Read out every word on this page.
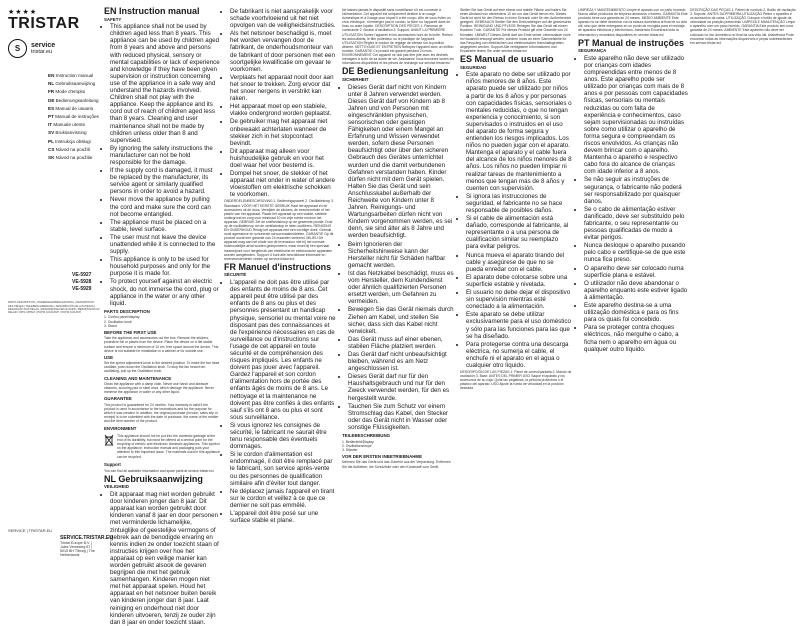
★★★★
TRISTAR
S	service
tristar.eu
EN Instruction manual
NL Gebruiksaanwijzing
FR Mode d'emploi
DE Bedienungsanleitung
ES Manual de usuario
PT Manual de instruções
IT Manuale utente
SV Bruksanvisning
PL Instrukcja obsługi
CS Návod na použití
SK Návod na použitie
VE-5927
VE-5928
VE-5929
PARTS DESCRIPTION | ONDERDELENBESCHRIJVING | DESCRIPTION DES PIÈCES | TEILEBESCHREIBUNG | DESCRIPCIÓN DE LAS PIEZAS | DESCRIÇÃO DAS PEÇAS | DESCRIZIONE DELLE PARTI | BESKRIVNING AV DELAR | OPIS CZĘŚCI | POPIS SOUČÁSTÍ | POPIS SÚČASTÍ
SERVICE | TRISTAR.EU
SERVICE.TRISTAR.EU
Tristar Europe B.V. | Jules Verneweg 87 | 5015 BH Tilburg | The Netherlands
EN Instruction manual
SAFETY
• This appliance shall not be used by children aged less than 8 years. This appliance can be used by children aged from 8 years and above and persons with reduced physical, sensory or mental capabilities or lack of experience and knowledge if they have been given supervision or instruction concerning use of the appliance in a safe way and understand the hazards involved. Children shall not play with the appliance. Keep the appliance and its cord out of reach of children aged less than 8 years. Cleaning and user maintenance shall not be made by children unless older than 8 and supervised.
• By ignoring the safety instructions the manufacturer can not be hold responsible for the damage.
• If the supply cord is damaged, it must be replaced by the manufacturer, its service agent or similarly qualified persons in order to avoid a hazard.
• Never move the appliance by pulling the cord and make sure the cord can not become entangled.
• The appliance must be placed on a stable, level surface.
• The user must not leave the device unattended while it is connected to the supply.
• This appliance is only to be used for household purposes and only for the purpose it is made for.
• To protect yourself against an electric shock, do not immerse the cord, plug or appliance in the water or any other liquid.
PARTS DESCRIPTION
1. Control panel/display
2. Oscillation knob
3. Stand
BEFORE THE FIRST USE

Take the appliance and accessories out the box. Remove the stickers, protective foil or plastic from the device. Place the device on a flat stable surface and ensure a minimum of 10 cm. free space around the device. This device is not suitable for installation in a cabinet or for outside use.

USE

Set the speed adjustment knob to the desired position. To make the fan head oscillate, push down the Oscillation knob. To stop the fan head from oscillating, pull up the Oscillation knob.

CLEANING AND MAINTENANCE

Clean the appliance with a damp cloth. Never use harsh and abrasive cleaners, scouring pad or steel wool, which damage the appliance. Never immerse the appliance in water or any other liquid.

GUARANTEE

This product is guaranteed for 24 months. Your warranty is valid if the product is used in accordance to the instructions and for the purpose for which it was created. In addition, the original purchase (invoice, sales slip or receipt) is to be submitted with the date of purchase, the name of the retailer and the item number of the product.

ENVIRONMENT

This appliance should not be put into the domestic garbage at the end of its durability, but must be offered at a central point for the recycling of electric and electronic domestic appliances. This symbol on the appliance, instruction manual and packaging puts your attention to this important issue. The materials used in this appliance can be recycled.

Support

You can find all available information and spare parts at service.tristar.eu!

NL Gebruiksaanwijzing
VEILIGHEID
• Dit apparaat mag niet worden gebruikt door kinderen jonger dan 8 jaar. Dit apparaat kan worden gebruikt door kinderen vanaf 8 jaar en door personen met verminderde lichamelijke, zintuiglijke of geestelijke vermogens of gebrek aan de benodigde ervaring en kennis indien ze onder toezicht staan of instructies krijgen over hoe het apparaat op een veilige manier kan worden gebruikt alsook de gevaren begrijpen die met het gebruik samenhangen. Kinderen mogen niet met het apparaat spelen. Houd het apparaat en het netsnoer buiten bereik van kinderen jonger dan 8 jaar. Laat reiniging en onderhoud niet door kinderen uitvoeren, tenzij ze ouder zijn dan 8 jaar en onder toezicht staan.
• De fabrikant is niet aansprakelijk voor schade voortvloeiend uit het niet opvolgen van de veiligheidsinstructies.
• Als het netsnoer beschadigd is, moet het worden vervangen door de fabrikant, de onderhoudsmonteur van de fabrikant of door personen met een soortgelijke kwalificatie om gevaar te voorkomen.
• Verplaats het apparaat nooit door aan het snoer te trekken. Zorg ervoor dat het snoer nergens in verstrikt kan raken.
• Het apparaat moet op een stabiele, vlakke ondergrond worden geplaatst.
• De gebruiker mag het apparaat niet onbewaakt achterlaten wanneer de stekker zich in het stopcontact bevindt.
• Dit apparaat mag alleen voor huishoudelijke gebruik en voor het doel waar het voor bestemd is.
• Dompel het snoer, de stekker of het apparaat niet onder in water of andere vloeistoffen om elektrische schokken te voorkomen.

ONDERDELENBESCHRIJVING 1. Bedieningspaneel 2. Oscillatieknop 3. Standaard. VÓÓR HET EERSTE GEBRUIK Haal het apparaat en de accessoires uit de doos. Verwijder de stickers, de beschermfolie of het plastic van het apparaat. Plaats het apparaat op een vlakke, stabiele ondergrond en zorg voor minimaal 10 cm vrije ruimte rondom het apparaat. GEBRUIK Zet de snelheidsknop op de gewenste positie. Druk op de oscillatieknop om de ventilatorkop te laten oscilleren. REINIGING EN ONDERHOUD Reinig het apparaat met een vochtige doek. Gebruik nooit agressieve en schurende schoonmaakmiddelen. GARANTIE Op dit product wordt een garantie van 24 maanden verleend. MILIEU Dit apparaat mag aan het einde van de levensduur niet bij het normale huishoudelijke afval worden gedeponeerd, maar moet bij een speciaal inzamelpunt voor hergebruik van elektrische en elektronische apparaten worden aangeboden. Support U kunt alle beschikbare informatie en reserveonderdelen vinden op service.tristar.eu!

FR Manuel d'instructions
SÉCURITÉ
• L'appareil ne doit pas être utilisé par des enfants de moins de 8 ans. Cet appareil peut être utilisé par des enfants de 8 ans ou plus et des personnes présentant un handicap physique, sensoriel ou mental voire ne disposant pas des connaissances et de l'expérience nécessaires en cas de surveillance ou d'instructions sur l'usage de cet appareil en toute sécurité et de compréhension des risques impliqués. Les enfants ne doivent pas jouer avec l'appareil. Gardez l'appareil et son cordon d'alimentation hors de portée des enfants âgés de moins de 8 ans. Le nettoyage et la maintenance ne doivent pas être confiés à des enfants sauf s'ils ont 8 ans ou plus et sont sous surveillance.
• Si vous ignorez les consignes de sécurité, le fabricant ne saurait être tenu responsable des éventuels dommages.
• Si le cordon d'alimentation est endommagé, il doit être remplacé par le fabricant, son service après-vente ou des personnes de qualification similaire afin d'éviter tout danger.
• Ne déplacez jamais l'appareil en tirant sur le cordon et veillez à ce que ce dernier ne soit pas emmêlé.
• L'appareil doit être posé sur une surface stable et plane.

Ne laissez jamais le dispositif sans surveillance s'il est connecté à l'alimentation. Cet appareil est uniquement destiné à un usage domestique et à l'usage pour lequel il a été conçu. Afin de vous éviter un choc électrique, n'immergez pas le cordon, la fiche ou l'appareil dans de l'eau ou autre liquide. DESCRIPTION DES PIÈCES 1. Panneau de commande 2. Bouton d'oscillation 3. Support. AVANT LA PREMIÈRE UTILISATION Sortez l'appareil et les accessoires hors de la boîte. Retirez les autocollants, le film protecteur ou le plastique de l'appareil. UTILISATION Réglez le bouton de réglage de vitesse sur la position désirée. NETTOYAGE ET ENTRETIEN Nettoyez l'appareil avec un chiffon humide. GARANTIE Ce produit est garanti pendant 24 mois. ENVIRONNEMENT Cet appareil ne doit pas être jeté avec les déchets ménagers à la fin de sa durée de vie. Assistance Vous trouverez toutes les informations disponibles et les pièces de rechange sur service.tristar.eu!

DE Bedienungsanleitung
SICHERHEIT
• Dieses Gerät darf nicht von Kindern unter 8 Jahren verwendet werden. Dieses Gerät darf von Kindern ab 8 Jahren und von Personen mit eingeschränkten physischen, sensorischen oder geistigen Fähigkeiten oder einem Mangel an Erfahrung und Wissen verwendet werden, sofern diese Personen beaufsichtigt oder über den sicheren Gebrauch des Gerätes unterrichtet wurden und die damit verbundenen Gefahren verstanden haben. Kinder dürfen nicht mit dem Gerät spielen. Halten Sie das Gerät und sein Anschlusskabel außerhalb der Reichweite von Kindern unter 8 Jahren. Reinigungs- und Wartungsarbeiten dürfen nicht von Kindern vorgenommen werden, es sei denn, sie sind älter als 8 Jahre und werden beaufsichtigt.
• Beim Ignorieren der Sicherheitshinweise kann der Hersteller nicht für Schäden haftbar gemacht werden.
• Ist das Netzkabel beschädigt, muss es vom Hersteller, dem Kundendienst oder ähnlich qualifizierten Personen ersetzt werden, um Gefahren zu vermeiden.
• Bewegen Sie das Gerät niemals durch Ziehen am Kabel, und stellen Sie sicher, dass sich das Kabel nicht verwickelt.
• Das Gerät muss auf einer ebenen, stabilen Fläche platziert werden.
• Das Gerät darf nicht unbeaufsichtigt bleiben, während es am Netz angeschlossen ist.
• Dieses Gerät darf nur für den Haushaltsgebrauch und nur für den Zweck verwendet werden, für den es hergestellt wurde.
• Tauchen Sie zum Schutz vor einem Stromschlag das Kabel, den Stecker oder das Gerät nicht in Wasser oder sonstige Flüssigkeiten.
TEILEBESCHREIBUNG
1. Bedienfeld/Display
2. Oszillationsknopf
3. Ständer
VOR DER ERSTEN INBETRIEBNAHME

Nehmen Sie das Gerät und das Zubehör aus der Verpackung. Entfernen Sie die Aufkleber, die Schutzfolie oder den Kunststoff vom Gerät.

Stellen Sie das Gerät auf eine ebene und stabile Fläche und halten Sie einen Abstand von mindestens 10 cm um das Gerät herum ein. Dieses Gerät ist nicht für den Einbau in einen Schrank oder für den Außenbereich geeignet. GEBRAUCH Stellen Sie den Drehzahlregler auf die gewünschte Position. REINIGUNG UND PFLEGE Reinigen Sie das Gerät mit einem feuchten Tuch. GARANTIE Für dieses Produkt gilt eine Garantie von 24 Monaten. UMWELT Dieses Gerät darf am Ende seiner Lebensdauer nicht im Hausmüll entsorgt werden, sondern muss an einer Sammelstelle für das Recycling von elektrischen und elektronischen Haushaltsgeräten abgegeben werden. Support Alle verfügbaren Informationen und Ersatzteile finden Sie unter service.tristar.eu!

ES Manual de usuario
SEGURIDAD
• Este aparato no debe ser utilizado por niños menores de 8 años. Este aparato puede ser utilizado por niños a partir de los 8 años y por personas con capacidades físicas, sensoriales o mentales reducidas, o que no tengan experiencia y conocimiento, si son supervisados o instruidos en el uso del aparato de forma segura y entienden los riesgos implicados. Los niños no pueden jugar con el aparato. Mantenga el aparato y el cable fuera del alcance de los niños menores de 8 años. Los niños no pueden limpiar ni realizar tareas de mantenimiento a menos que tengan más de 8 años y cuenten con supervisión.
• Si ignora las instrucciones de seguridad, el fabricante no se hace responsable de posibles daños.
• Si el cable de alimentación está dañado, corresponde al fabricante, al representante o a una persona de cualificación similar su reemplazo para evitar peligros.
• Nunca mueva el aparato tirando del cable y asegúrese de que no se pueda enredar con el cable.
• El aparato debe colocarse sobre una superficie estable y nivelada.
• El usuario no debe dejar el dispositivo sin supervisión mientras esté conectado a la alimentación.
• Este aparato se debe utilizar exclusivamente para el uso doméstico y sólo para las funciones para las que se ha diseñado.
• Para protegerse contra una descarga eléctrica, no sumerja el cable, el enchufe ni el aparato en el agua o cualquier otro líquido.

DESCRIPCIÓN DE LAS PIEZAS 1. Panel de control/pantalla 2. Mando de oscilación 3. Base. ANTES DEL PRIMER USO Saque el aparato y los accesorios de su caja. Quite las pegatinas, la película protectora o el plástico del aparato. USO Ajuste la rueda de velocidad en la posición deseada.

LIMPIEZA Y MANTENIMIENTO Limpie el aparato con un paño húmedo. Nunca utilice productos de limpieza abrasivos o fuertes. GARANTÍA Este producto tiene una garantía de 24 meses. MEDIO AMBIENTE Este aparato no se debe desechar con la basura doméstica al final de su vida útil, sino que debe entregarse en un punto de recogida para el reciclaje de aparatos eléctricos y electrónicos. Asistencia Encontrará toda la información y recambios disponibles en service.tristar.eu!

PT Manual de instruções
SEGURANÇA
• Este aparelho não deve ser utilizado por crianças com idades compreendidas entre menos de 8 anos. Este aparelho pode ser utilizado por crianças com mais de 8 anos e por pessoas com capacidades físicas, sensoriais ou mentais reduzidas ou com falta de experiência e conhecimentos, caso sejam supervisionadas ou instruídas sobre como utilizar o aparelho de forma segura e compreendam os riscos envolvidos. As crianças não devem brincar com o aparelho. Mantenha o aparelho e respectivo cabo fora do alcance de crianças com idade inferior a 8 anos.
• Se não seguir as instruções de segurança, o fabricante não poderá ser responsabilizado por quaisquer danos.
• Se o cabo de alimentação estiver danificado, deve ser substituído pelo fabricante, o seu representante ou pessoas qualificadas de modo a evitar perigos.
• Nunca desloque o aparelho puxando pelo cabo e certifique-se de que este nunca fica preso.
• O aparelho deve ser colocado numa superfície plana e estável.
• O utilizador não deve abandonar o aparelho enquanto este estiver ligado à alimentação.
• Este aparelho destina-se a uma utilização doméstica e para os fins para os quais foi concebido.
• Para se proteger contra choques eléctricos, não mergulhe o cabo, a ficha nem o aparelho em água ou qualquer outro líquido.

DESCRIÇÃO DAS PEÇAS 1. Painel de controlo 2. Botão de oscilação 3. Suporte. ANTES DA PRIMEIRA UTILIZAÇÃO Retire o aparelho e os acessórios da caixa. UTILIZAÇÃO Coloque o botão de ajuste da velocidade na posição pretendida. LIMPEZA E MANUTENÇÃO Limpe o aparelho com um pano húmido. GARANTIA Este produto tem uma garantia de 24 meses. AMBIENTE Este aparelho não deve ser colocado no lixo doméstico no final da sua vida útil. Assistência Pode encontrar todas as informações disponíveis e peças sobresselentes em service.tristar.eu!
